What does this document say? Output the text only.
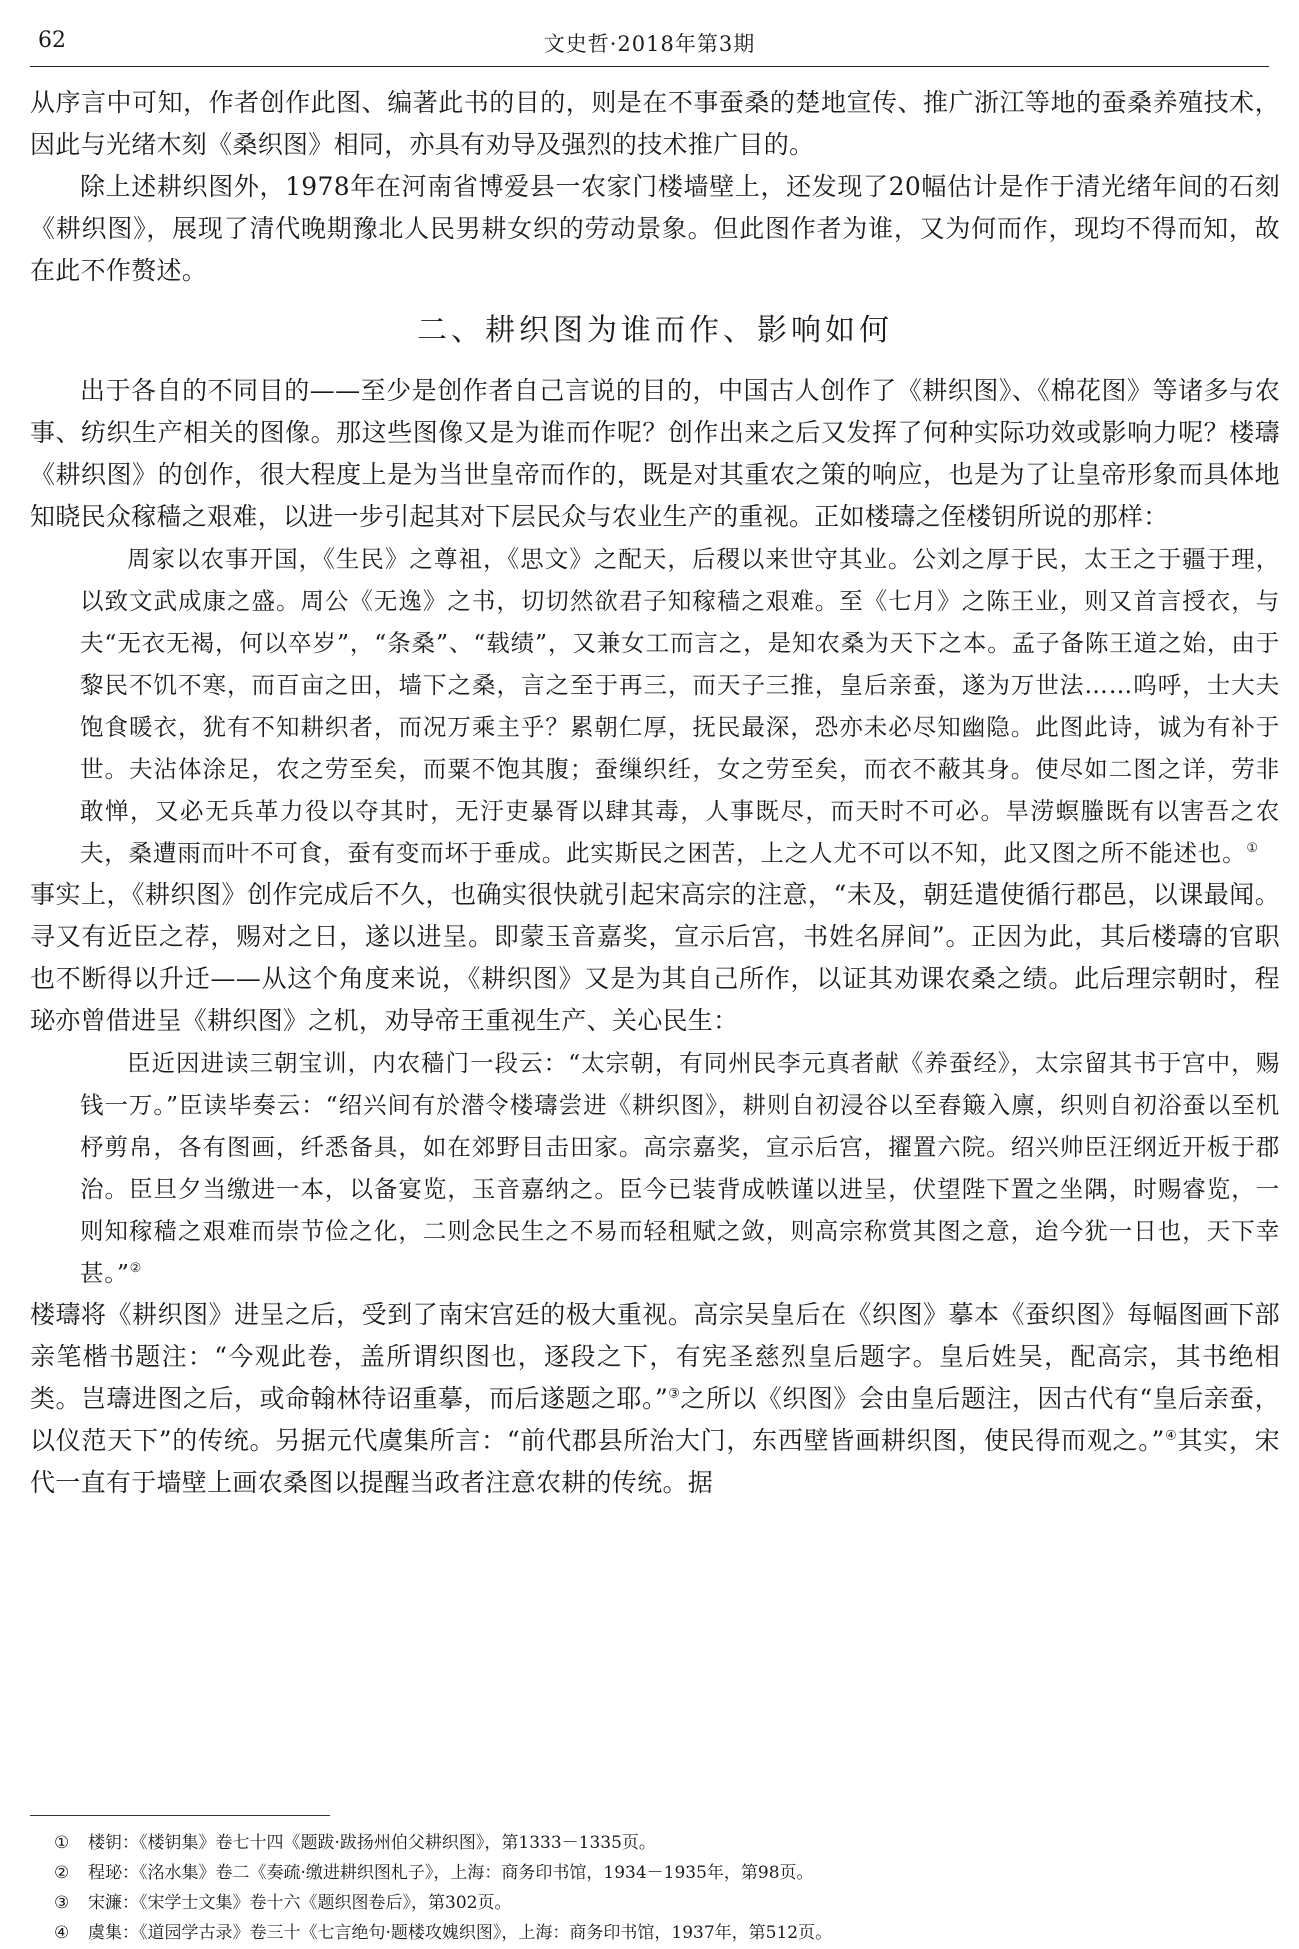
62	文史哲·2018年第3期

从序言中可知，作者创作此图、编著此书的目的，则是在不事蚕桑的楚地宣传、推广浙江等地的蚕桑养殖技术，因此与光绪木刻《桑织图》相同，亦具有劝导及强烈的技术推广目的。

除上述耕织图外，1978年在河南省博爱县一农家门楼墙壁上，还发现了20幅估计是作于清光绪年间的石刻《耕织图》，展现了清代晚期豫北人民男耕女织的劳动景象。但此图作者为谁，又为何而作，现均不得而知，故在此不作赘述。

二、耕织图为谁而作、影响如何

出于各自的不同目的——至少是创作者自己言说的目的，中国古人创作了《耕织图》、《棉花图》等诸多与农事、纺织生产相关的图像。那这些图像又是为谁而作呢？创作出来之后又发挥了何种实际功效或影响力呢？楼璹《耕织图》的创作，很大程度上是为当世皇帝而作的，既是对其重农之策的响应，也是为了让皇帝形象而具体地知晓民众稼穑之艰难，以进一步引起其对下层民众与农业生产的重视。正如楼璹之侄楼钥所说的那样：

周家以农事开国，《生民》之尊祖，《思文》之配天，后稷以来世守其业。公刘之厚于民，太王之于疆于理，以致文武成康之盛。周公《无逸》之书，切切然欲君子知稼穑之艰难。至《七月》之陈王业，则又首言授衣，与夫“无衣无褐，何以卒岁”，“条桑”、“载绩”，又兼女工而言之，是知农桑为天下之本。孟子备陈王道之始，由于黎民不饥不寒，而百亩之田，墙下之桑，言之至于再三，而天子三推，皇后亲蚕，遂为万世法……呜呼，士大夫饱食暖衣，犹有不知耕织者，而况万乘主乎？累朝仁厚，抚民最深，恐亦未必尽知幽隐。此图此诗，诚为有补于世。夫沾体涂足，农之劳至矣，而粟不饱其腹；蚕缫织纴，女之劳至矣，而衣不蔽其身。使尽如二图之详，劳非敢惮，又必无兵革力役以夺其时，无汙吏暴胥以肆其毒，人事既尽，而天时不可必。旱涝螟螣既有以害吾之农夫，桑遭雨而叶不可食，蚕有变而坏于垂成。此实斯民之困苦，上之人尤不可以不知，此又图之所不能述也。①

事实上，《耕织图》创作完成后不久，也确实很快就引起宋高宗的注意，“未及，朝廷遣使循行郡邑，以课最闻。寻又有近臣之荐，赐对之日，遂以进呈。即蒙玉音嘉奖，宣示后宫，书姓名屏间”。正因为此，其后楼璹的官职也不断得以升迁——从这个角度来说，《耕织图》又是为其自己所作，以证其劝课农桑之绩。此后理宗朝时，程珌亦曾借进呈《耕织图》之机，劝导帝王重视生产、关心民生：

臣近因进读三朝宝训，内农穑门一段云：“太宗朝，有同州民李元真者献《养蚕经》，太宗留其书于宫中，赐钱一万。”臣读毕奏云：“绍兴间有於潜令楼璹尝进《耕织图》，耕则自初浸谷以至舂簸入廪，织则自初浴蚕以至机杼剪帛，各有图画，纤悉备具，如在郊野目击田家。高宗嘉奖，宣示后宫，擢置六院。绍兴帅臣汪纲近开板于郡治。臣旦夕当缴进一本，以备宴览，玉音嘉纳之。臣今已装背成帙谨以进呈，伏望陛下置之坐隅，时赐睿览，一则知稼穑之艰难而崇节俭之化，二则念民生之不易而轻租赋之敛，则高宗称赏其图之意，迨今犹一日也，天下幸甚。”②

楼璹将《耕织图》进呈之后，受到了南宋宫廷的极大重视。高宗吴皇后在《织图》摹本《蚕织图》每幅图画下部亲笔楷书题注：“今观此卷，盖所谓织图也，逐段之下，有宪圣慈烈皇后题字。皇后姓吴，配高宗，其书绝相类。岂璹进图之后，或命翰林待诏重摹，而后遂题之耶。”③之所以《织图》会由皇后题注，因古代有“皇后亲蚕，以仪范天下”的传统。另据元代虞集所言：“前代郡县所治大门，东西壁皆画耕织图，使民得而观之。”④其实，宋代一直有于墙壁上画农桑图以提醒当政者注意农耕的传统。据

①	楼钥：《楼钥集》卷七十四《题跋·跋扬州伯父耕织图》，第1333－1335页。
②	程珌：《洺水集》卷二《奏疏·缴进耕织图札子》，上海：商务印书馆，1934－1935年，第98页。
③	宋濂：《宋学士文集》卷十六《题织图卷后》，第302页。
④	虞集：《道园学古录》卷三十《七言绝句·题楼攻媿织图》，上海：商务印书馆，1937年，第512页。
